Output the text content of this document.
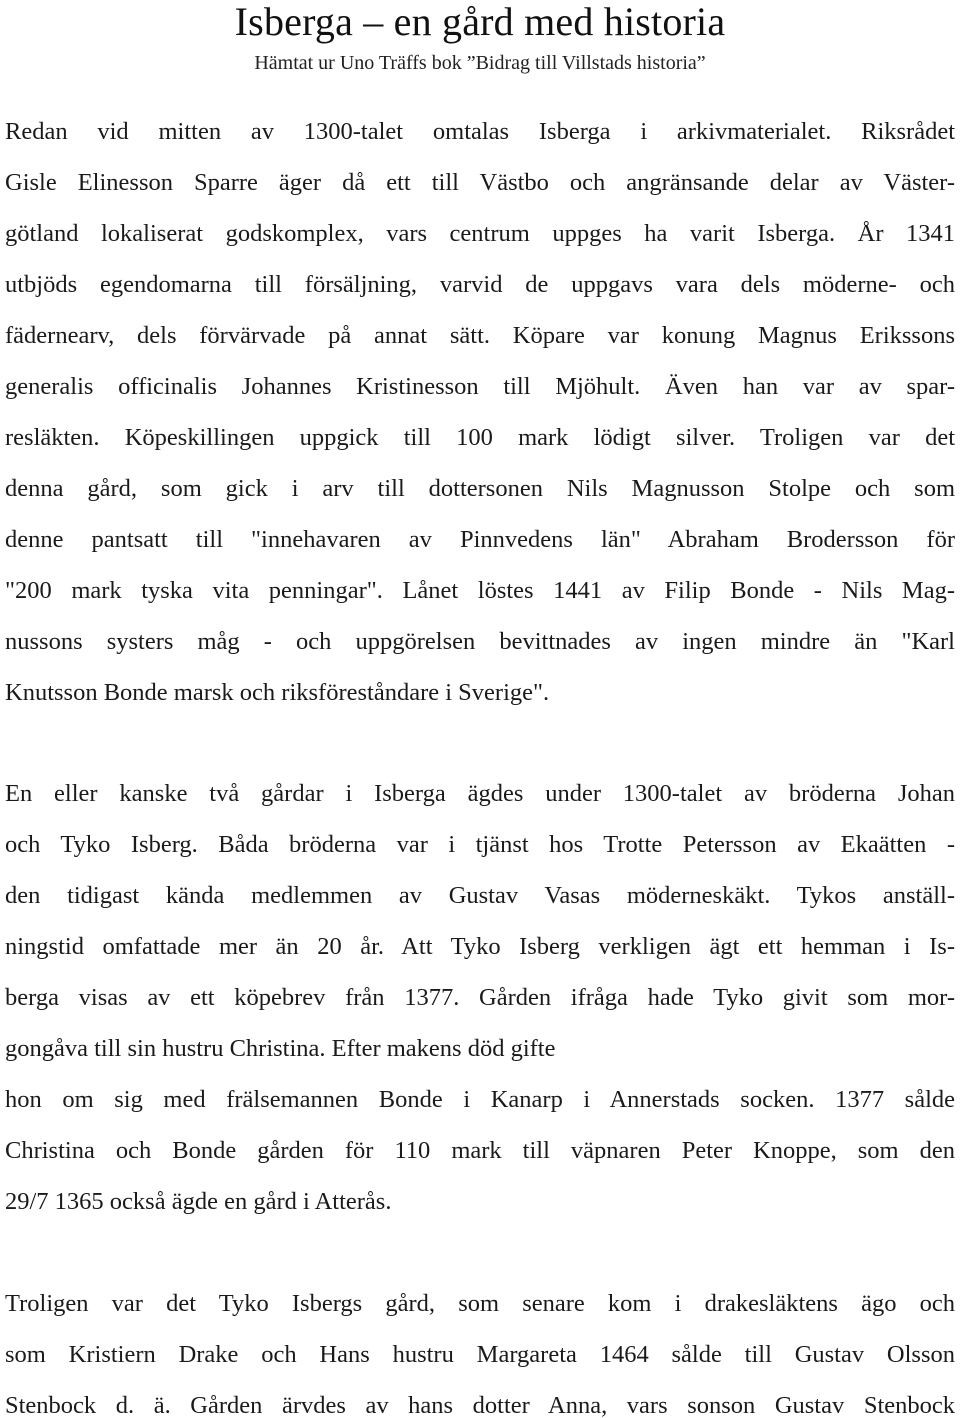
Isberga – en gård med historia
Hämtat ur Uno Träffs bok ”Bidrag till Villstads historia”
Redan vid mitten av 1300-talet omtalas Isberga i arkivmaterialet. Riksrådet
Gisle Elinesson Sparre äger då ett till Västbo och angränsande delar av Väster-
götland lokaliserat godskomplex, vars centrum uppges ha varit Isberga. År 1341
utbjöds egendomarna till försäljning, varvid de uppgavs vara dels möderne- och
fädernearv, dels förvärvade på annat sätt. Köpare var konung Magnus Erikssons
generalis officinalis Johannes Kristinesson till Mjöhult. Även han var av spar-
resläkten. Köpeskillingen uppgick till 100 mark lödigt silver. Troligen var det
denna gård, som gick i arv till dottersonen Nils Magnusson Stolpe och som
denne pantsatt till "innehavaren av Pinnvedens län" Abraham Brodersson för
"200 mark tyska vita penningar". Lånet löstes 1441 av Filip Bonde - Nils Mag-
nussons systers måg - och uppgörelsen bevittnades av ingen mindre än "Karl
Knutsson Bonde marsk och riksföreståndare i Sverige".
En eller kanske två gårdar i Isberga ägdes under 1300-talet av bröderna Johan
och Tyko Isberg. Båda bröderna var i tjänst hos Trotte Petersson av Ekaätten -
den tidigast kända medlemmen av Gustav Vasas möderneskäkt. Tykos anställ-
ningstid omfattade mer än 20 år. Att Tyko Isberg verkligen ägt ett hemman i Is-
berga visas av ett köpebrev från 1377. Gården ifråga hade Tyko givit som mor-
gongåva till sin hustru Christina. Efter makens död gifte
hon om sig med frälsemannen Bonde i Kanarp i Annerstads socken. 1377 sålde
Christina och Bonde gården för 110 mark till väpnaren Peter Knoppe, som den
29/7 1365 också ägde en gård i Atterås.
Troligen var det Tyko Isbergs gård, som senare kom i drakesläktens ägo och
som Kristiern Drake och Hans hustru Margareta 1464 sålde till Gustav Olsson
Stenbock d. ä. Gården ärvdes av hans dotter Anna, vars sonson Gustav Stenbock
